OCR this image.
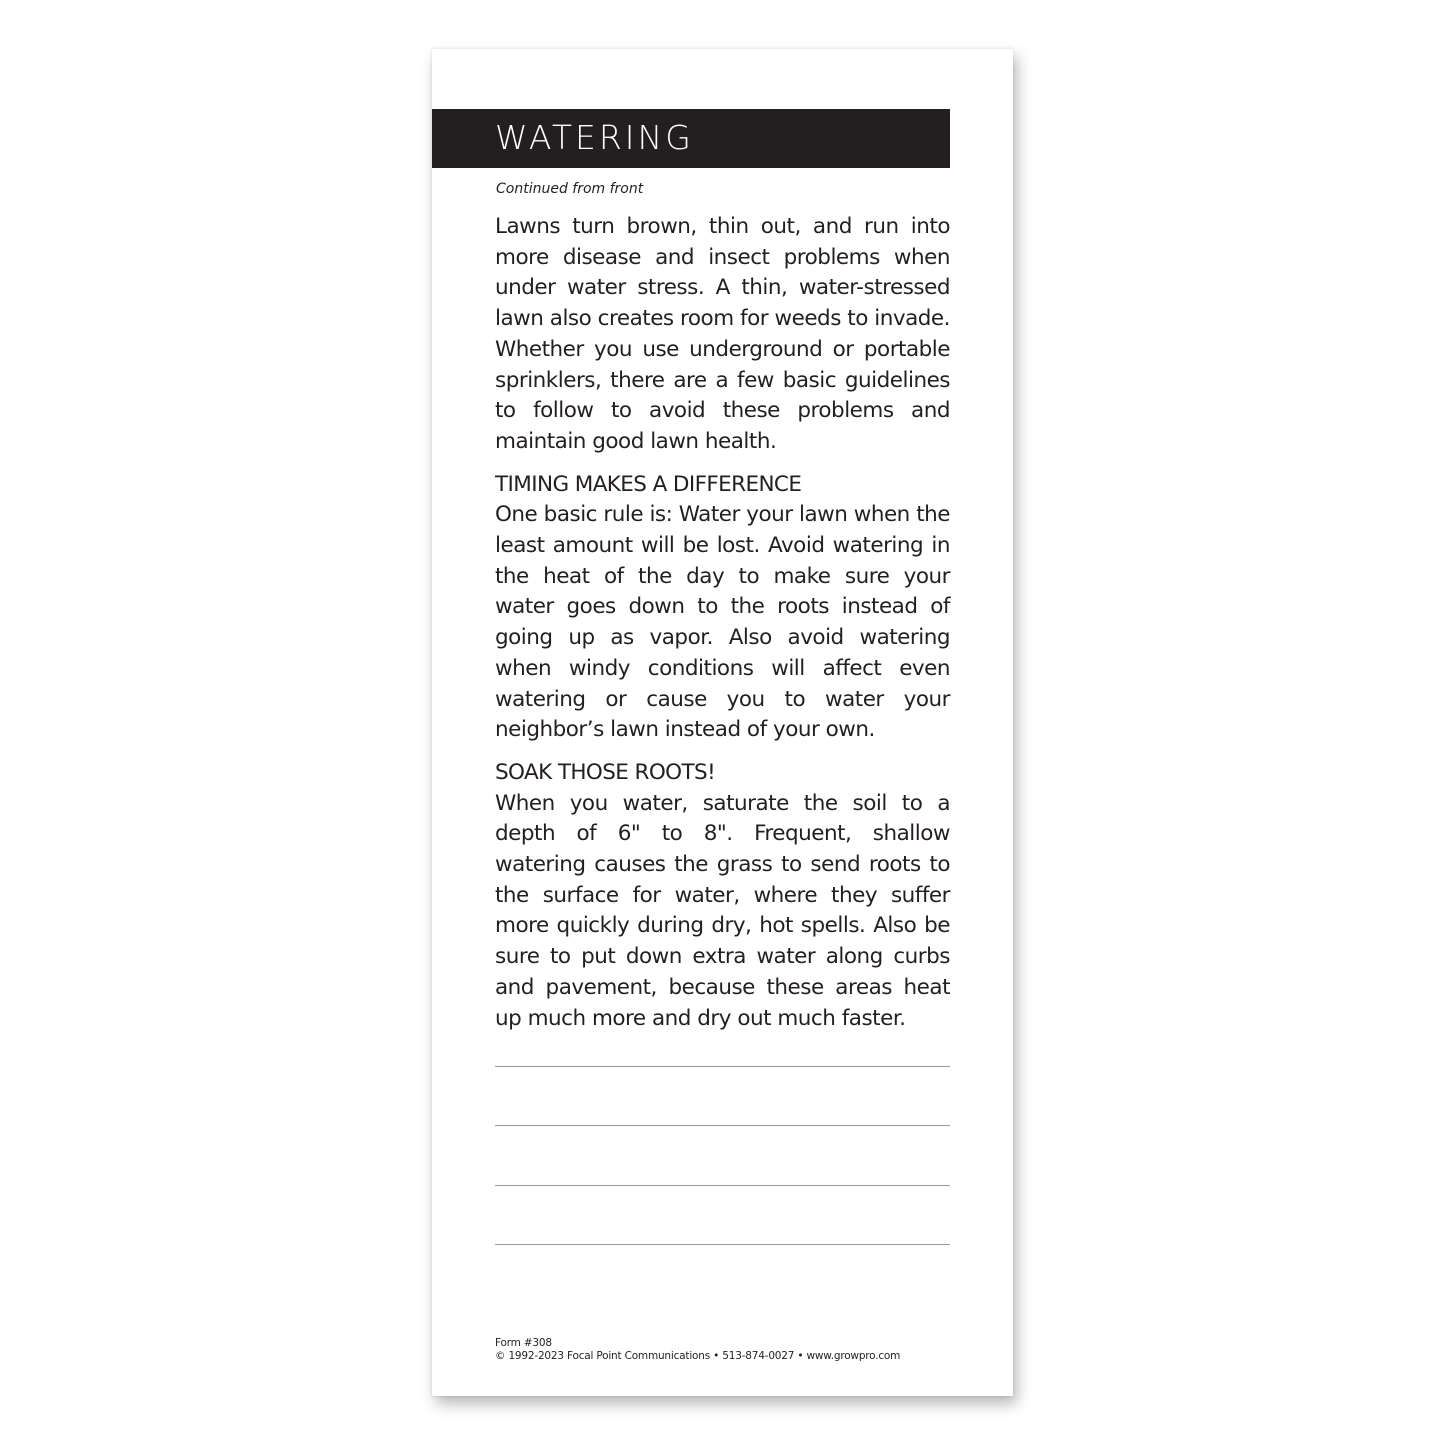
WATERING
Continued from front

Lawns turn brown, thin out, and run into more disease and insect problems when under water stress. A thin, water-stressed lawn also creates room for weeds to invade. Whether you use underground or portable sprinklers, there are a few basic guidelines to follow to avoid these problems and maintain good lawn health.

TIMING MAKES A DIFFERENCE

One basic rule is: Water your lawn when the least amount will be lost. Avoid watering in the heat of the day to make sure your water goes down to the roots instead of going up as vapor. Also avoid watering when windy conditions will affect even watering or cause you to water your neighbor’s lawn instead of your own.

SOAK THOSE ROOTS!

When you water, saturate the soil to a depth of 6" to 8". Frequent, shallow watering causes the grass to send roots to the surface for water, where they suffer more quickly during dry, hot spells. Also be sure to put down extra water along curbs and pavement, because these areas heat up much more and dry out much faster.

Form #308
© 1992-2023 Focal Point Communications • 513-874-0027 • www.growpro.com
